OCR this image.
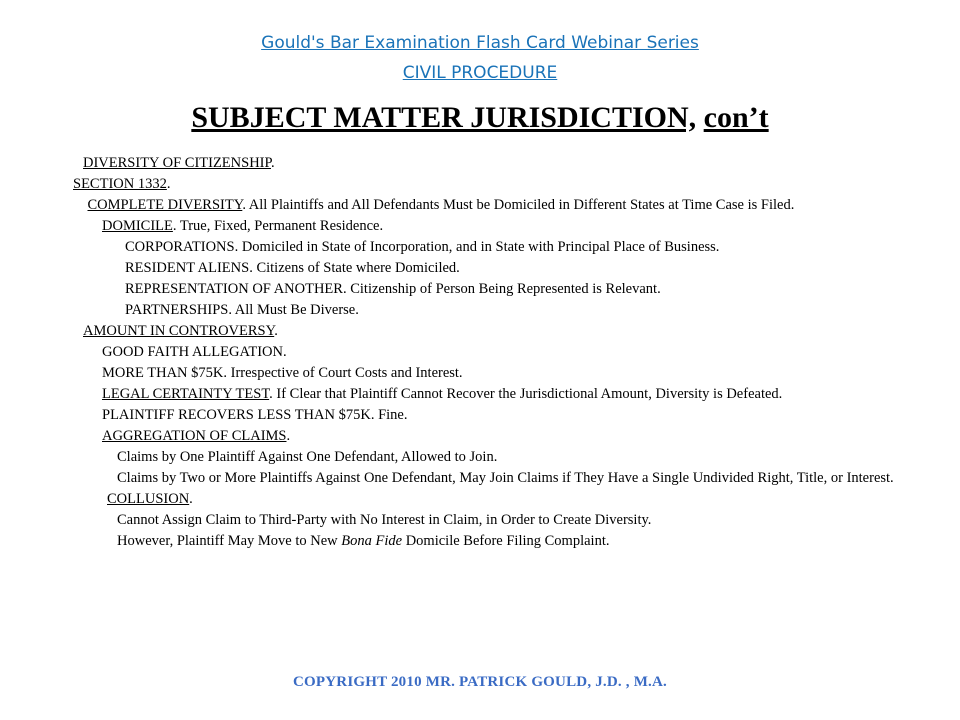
Gould's Bar Examination Flash Card Webinar Series
CIVIL PROCEDURE
SUBJECT MATTER JURISDICTION, con’t

DIVERSITY OF CITIZENSHIP.

SECTION 1332.

COMPLETE DIVERSITY. All Plaintiffs and All Defendants Must be Domiciled in Different States at Time Case is Filed.

DOMICILE. True, Fixed, Permanent Residence.

CORPORATIONS. Domiciled in State of Incorporation, and in State with Principal Place of Business.

RESIDENT ALIENS. Citizens of State where Domiciled.

REPRESENTATION OF ANOTHER. Citizenship of Person Being Represented is Relevant.

PARTNERSHIPS. All Must Be Diverse.

AMOUNT IN CONTROVERSY.

GOOD FAITH ALLEGATION.

MORE THAN $75K. Irrespective of Court Costs and Interest.

LEGAL CERTAINTY TEST. If Clear that Plaintiff Cannot Recover the Jurisdictional Amount, Diversity is Defeated.

PLAINTIFF RECOVERS LESS THAN $75K. Fine.

AGGREGATION OF CLAIMS.

Claims by One Plaintiff Against One Defendant, Allowed to Join.

Claims by Two or More Plaintiffs Against One Defendant, May Join Claims if They Have a Single Undivided Right, Title, or Interest.

COLLUSION.

Cannot Assign Claim to Third-Party with No Interest in Claim, in Order to Create Diversity.

However, Plaintiff May Move to New Bona Fide Domicile Before Filing Complaint.

COPYRIGHT 2010 MR. PATRICK GOULD, J.D. , M.A.
